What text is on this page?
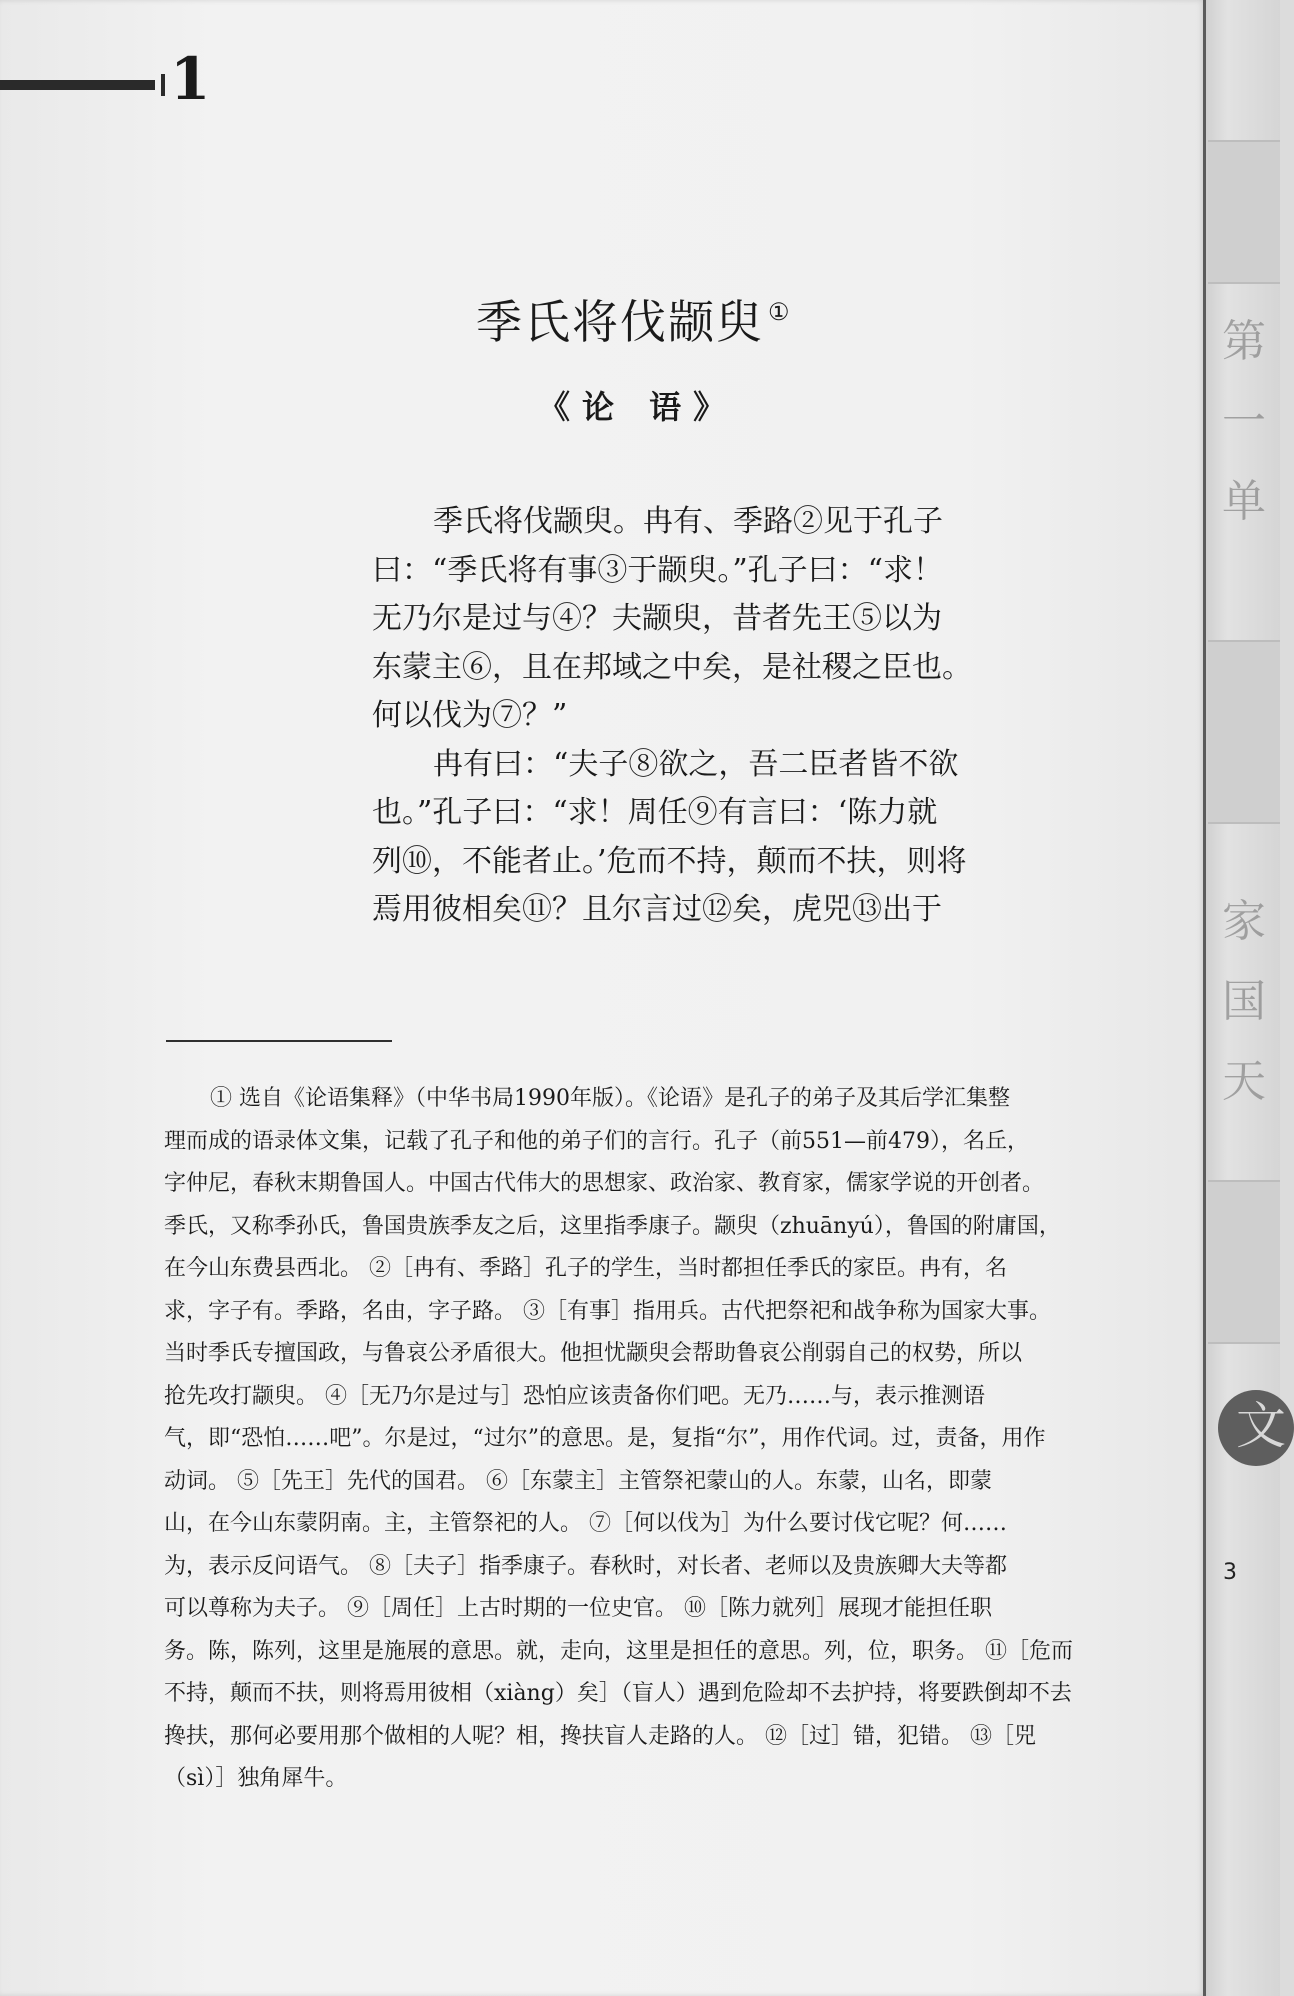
第
一
单
家
国
天
文
1
季氏将伐颛臾 ①
《论 语》
季氏将伐颛臾。冉有、季路②见于孔子
曰：“季氏将有事③于颛臾。”孔子曰：“求！
无乃尔是过与④？夫颛臾，昔者先王⑤以为
东蒙主⑥，且在邦域之中矣，是社稷之臣也。
何以伐为⑦？”
冉有曰：“夫子⑧欲之，吾二臣者皆不欲
也。”孔子曰：“求！周任⑨有言曰：‘陈力就
列⑩，不能者止。’危而不持，颠而不扶，则将
焉用彼相矣⑪？且尔言过⑫矣，虎兕⑬出于
① 选自《论语集释》（中华书局1990年版）。《论语》是孔子的弟子及其后学汇集整
理而成的语录体文集，记载了孔子和他的弟子们的言行。孔子（前551—前479），名丘，
字仲尼，春秋末期鲁国人。中国古代伟大的思想家、政治家、教育家，儒家学说的开创者。
季氏，又称季孙氏，鲁国贵族季友之后，这里指季康子。颛臾（zhuānyú），鲁国的附庸国，
在今山东费县西北。 ②［冉有、季路］孔子的学生，当时都担任季氏的家臣。冉有，名
求，字子有。季路，名由，字子路。 ③［有事］指用兵。古代把祭祀和战争称为国家大事。
当时季氏专擅国政，与鲁哀公矛盾很大。他担忧颛臾会帮助鲁哀公削弱自己的权势，所以
抢先攻打颛臾。 ④［无乃尔是过与］恐怕应该责备你们吧。无乃……与，表示推测语
气，即“恐怕……吧”。尔是过，“过尔”的意思。是，复指“尔”，用作代词。过，责备，用作
动词。 ⑤［先王］先代的国君。 ⑥［东蒙主］主管祭祀蒙山的人。东蒙，山名，即蒙
山，在今山东蒙阴南。主，主管祭祀的人。 ⑦［何以伐为］为什么要讨伐它呢？何……
为，表示反问语气。 ⑧［夫子］指季康子。春秋时，对长者、老师以及贵族卿大夫等都
可以尊称为夫子。 ⑨［周任］上古时期的一位史官。 ⑩［陈力就列］展现才能担任职
务。陈，陈列，这里是施展的意思。就，走向，这里是担任的意思。列，位，职务。 ⑪［危而
不持，颠而不扶，则将焉用彼相（xiàng）矣］（盲人）遇到危险却不去护持，将要跌倒却不去
搀扶，那何必要用那个做相的人呢？相，搀扶盲人走路的人。 ⑫［过］错，犯错。 ⑬［兕
（sì）］独角犀牛。
3
